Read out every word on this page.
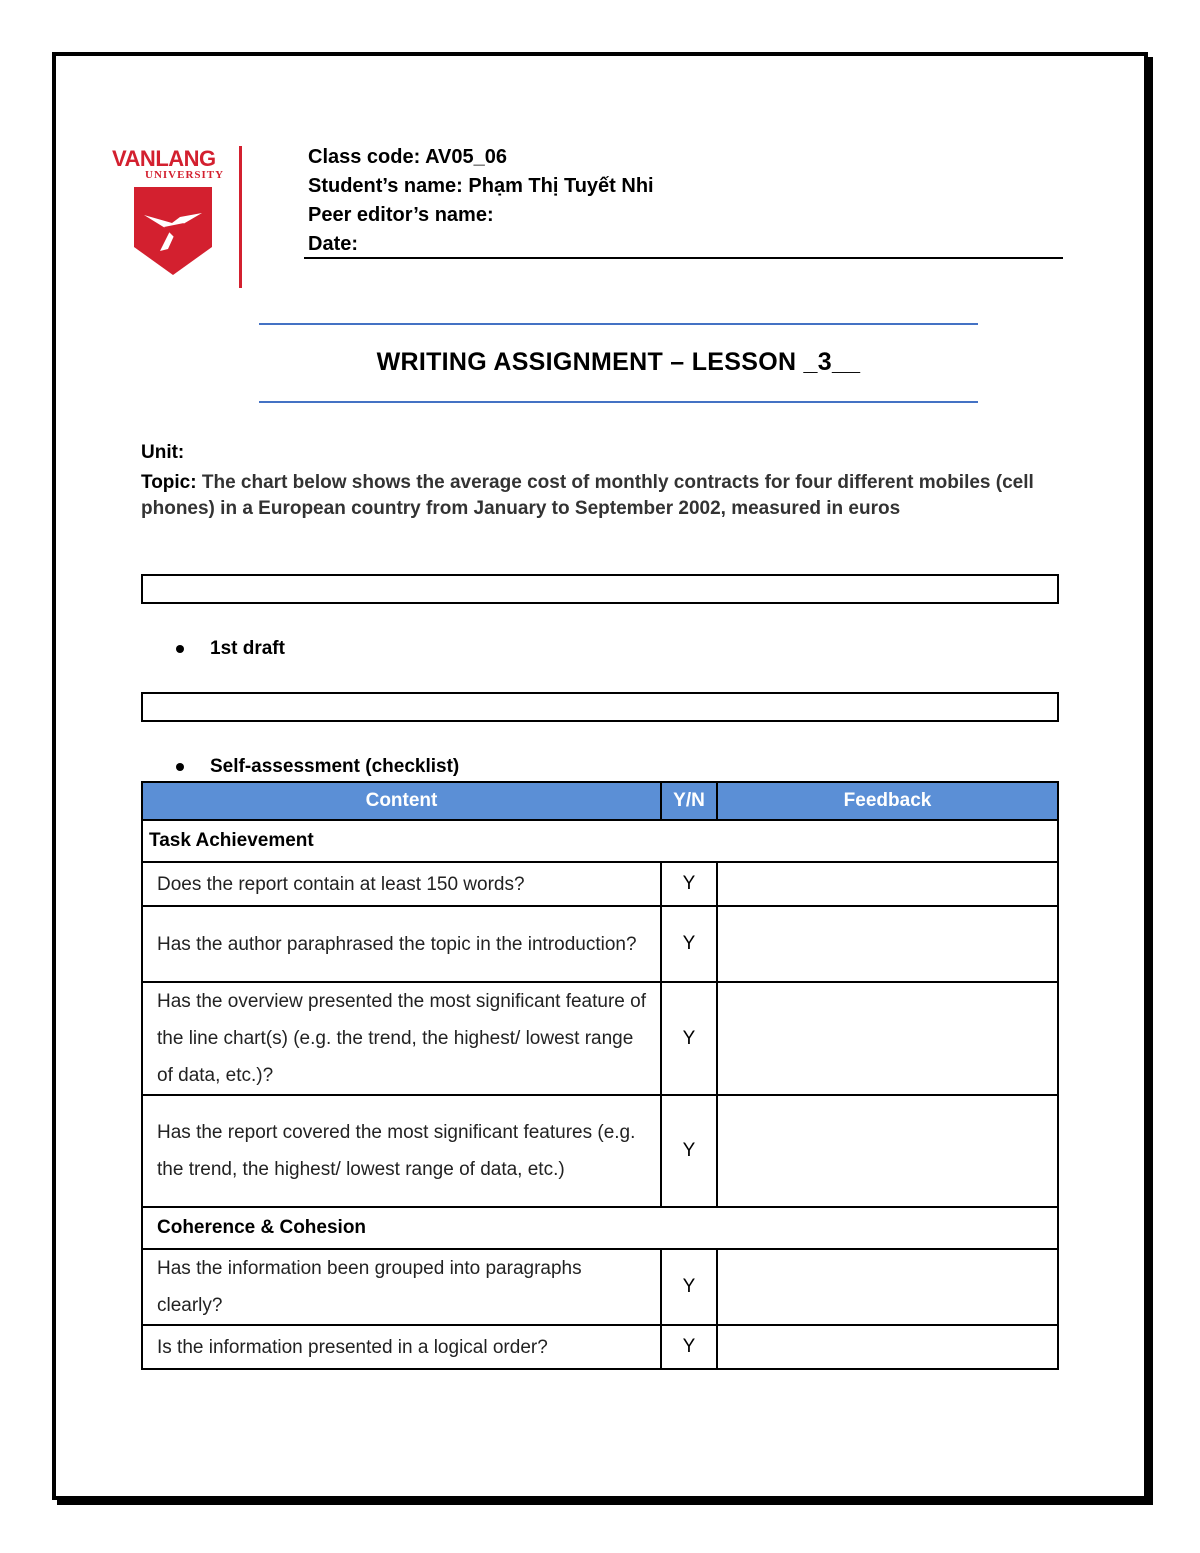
VANLANG
UNIVERSITY
Class code: AV05_06
Student’s name: Phạm Thị Tuyết Nhi
Peer editor’s name:
Date:
WRITING ASSIGNMENT – LESSON _3__
Unit:
Topic: The chart below shows the average cost of monthly contracts for four different mobiles (cell phones) in a European country from January to September 2002, measured in euros
1st draft
Self-assessment (checklist)
Content	Y/N	Feedback
Task Achievement		
Does the report contain at least 150 words?	Y	
Has the author paraphrased the topic in the introduction?	Y	
Has the overview presented the most significant feature of the line chart(s) (e.g. the trend, the highest/ lowest range of data, etc.)?	Y	
Has the report covered the most significant features (e.g. the trend, the highest/ lowest range of data, etc.)	Y	
Coherence & Cohesion		
Has the information been grouped into paragraphs clearly?	Y	
Is the information presented in a logical order?	Y	
